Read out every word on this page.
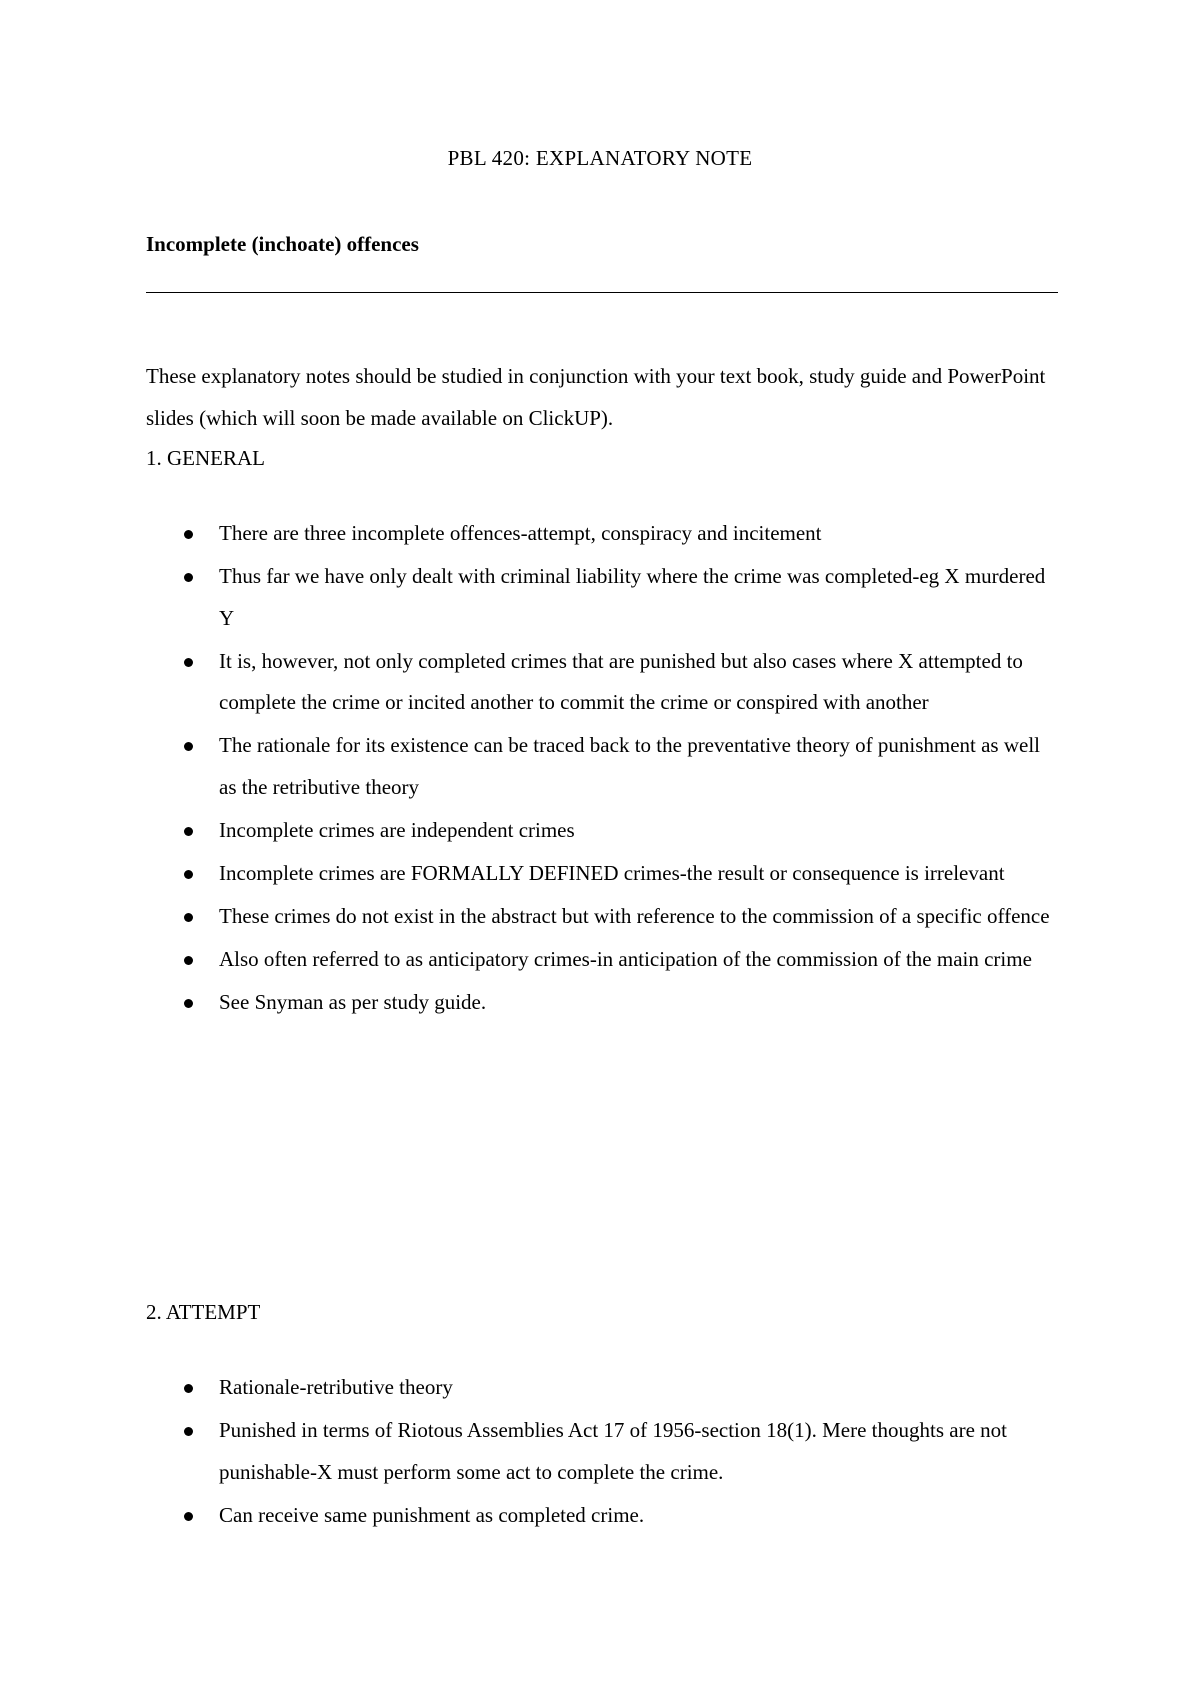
PBL 420: EXPLANATORY NOTE
Incomplete (inchoate) offences
These explanatory notes should be studied in conjunction with your text book, study guide and PowerPoint slides (which will soon be made available on ClickUP).
1. GENERAL
There are three incomplete offences-attempt, conspiracy and incitement
Thus far we have only dealt with criminal liability where the crime was completed-eg X murdered Y
It is, however, not only completed crimes that are punished but also cases where X attempted to complete the crime or incited another to commit the crime or conspired with another
The rationale for its existence can be traced back to the preventative theory of punishment as well as the retributive theory
Incomplete crimes are independent crimes
Incomplete crimes are FORMALLY DEFINED crimes-the result or consequence is irrelevant
These crimes do not exist in the abstract but with reference to the commission of a specific offence
Also often referred to as anticipatory crimes-in anticipation of the commission of the main crime
See Snyman as per study guide.
2. ATTEMPT
Rationale-retributive theory
Punished in terms of Riotous Assemblies Act 17 of 1956-section 18(1). Mere thoughts are not punishable-X must perform some act to complete the crime.
Can receive same punishment as completed crime.
